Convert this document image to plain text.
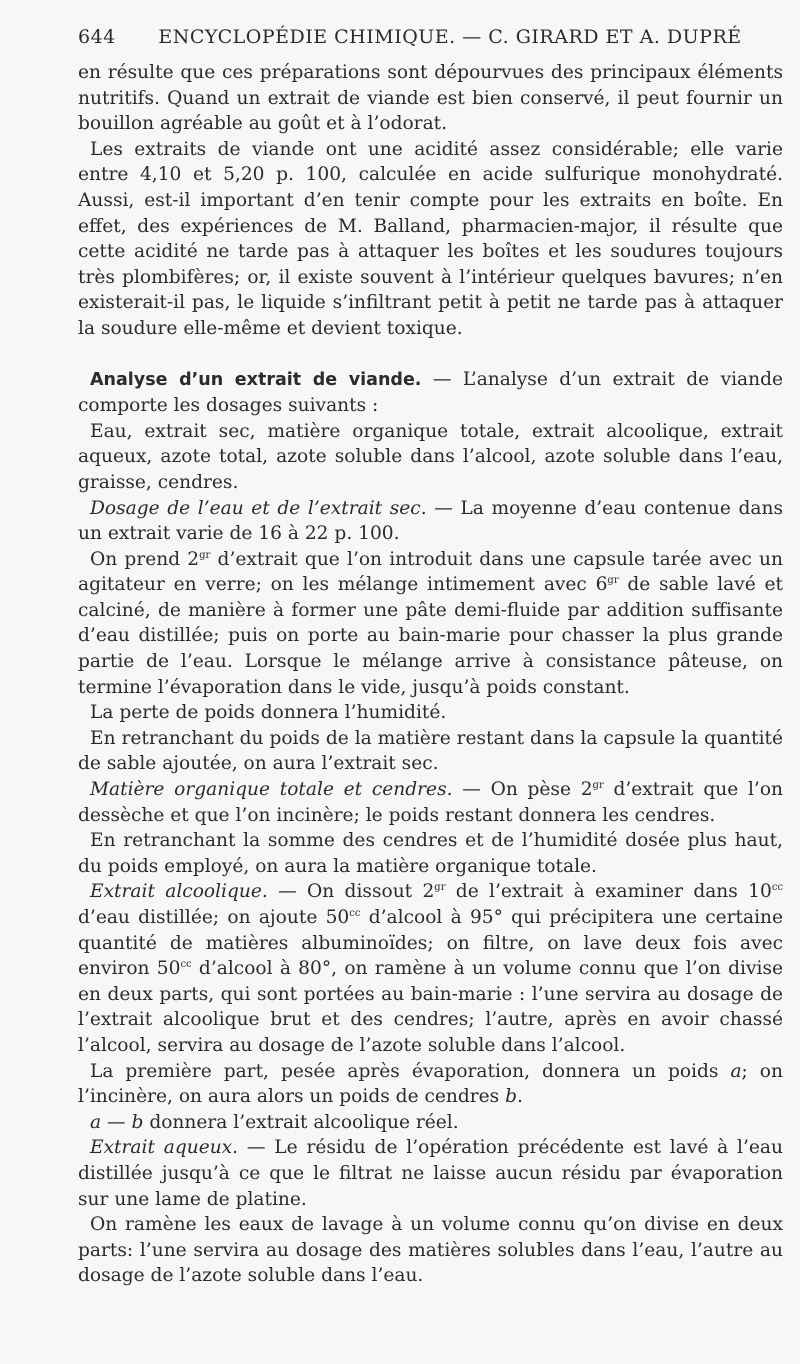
644	ENCYCLOPÉDIE CHIMIQUE. — C. GIRARD ET A. DUPRÉ

en résulte que ces préparations sont dépourvues des principaux éléments nutritifs. Quand un extrait de viande est bien conservé, il peut fournir un bouillon agréable au goût et à l’odorat.

Les extraits de viande ont une acidité assez considérable; elle varie entre 4,10 et 5,20 p. 100, calculée en acide sulfurique monohydraté. Aussi, est-il important d’en tenir compte pour les extraits en boîte. En effet, des expériences de M. Balland, pharmacien-major, il résulte que cette acidité ne tarde pas à attaquer les boîtes et les soudures toujours très plombifères; or, il existe souvent à l’intérieur quelques bavures; n’en existerait-il pas, le liquide s’infiltrant petit à petit ne tarde pas à attaquer la soudure elle-même et devient toxique.

Analyse d’un extrait de viande. — L’analyse d’un extrait de viande comporte les dosages suivants :

Eau, extrait sec, matière organique totale, extrait alcoolique, extrait aqueux, azote total, azote soluble dans l’alcool, azote soluble dans l’eau, graisse, cendres.

Dosage de l’eau et de l’extrait sec. — La moyenne d’eau contenue dans un extrait varie de 16 à 22 p. 100.

On prend $2^{gr}$ d’extrait que l’on introduit dans une capsule tarée avec un agitateur en verre; on les mélange intimement avec $6^{gr}$ de sable lavé et calciné, de manière à former une pâte demi-fluide par addition suffisante d’eau distillée; puis on porte au bain-marie pour chasser la plus grande partie de l’eau. Lorsque le mélange arrive à consistance pâteuse, on termine l’évaporation dans le vide, jusqu’à poids constant.

La perte de poids donnera l’humidité.

En retranchant du poids de la matière restant dans la capsule la quantité de sable ajoutée, on aura l’extrait sec.

Matière organique totale et cendres. — On pèse $2^{gr}$ d’extrait que l’on dessèche et que l’on incinère; le poids restant donnera les cendres.

En retranchant la somme des cendres et de l’humidité dosée plus haut, du poids employé, on aura la matière organique totale.

Extrait alcoolique. — On dissout $2^{gr}$ de l’extrait à examiner dans $10^{cc}$ d’eau distillée; on ajoute $50^{cc}$ d’alcool à 95° qui précipitera une certaine quantité de matières albuminoïdes; on filtre, on lave deux fois avec environ $50^{cc}$ d’alcool à 80°, on ramène à un volume connu que l’on divise en deux parts, qui sont portées au bain-marie : l’une servira au dosage de l’extrait alcoolique brut et des cendres; l’autre, après en avoir chassé l’alcool, servira au dosage de l’azote soluble dans l’alcool.

La première part, pesée après évaporation, donnera un poids a; on l’incinère, on aura alors un poids de cendres b.

a — b donnera l’extrait alcoolique réel.

Extrait aqueux. — Le résidu de l’opération précédente est lavé à l’eau distillée jusqu’à ce que le filtrat ne laisse aucun résidu par évaporation sur une lame de platine.

On ramène les eaux de lavage à un volume connu qu’on divise en deux parts: l’une servira au dosage des matières solubles dans l’eau, l’autre au dosage de l’azote soluble dans l’eau.
